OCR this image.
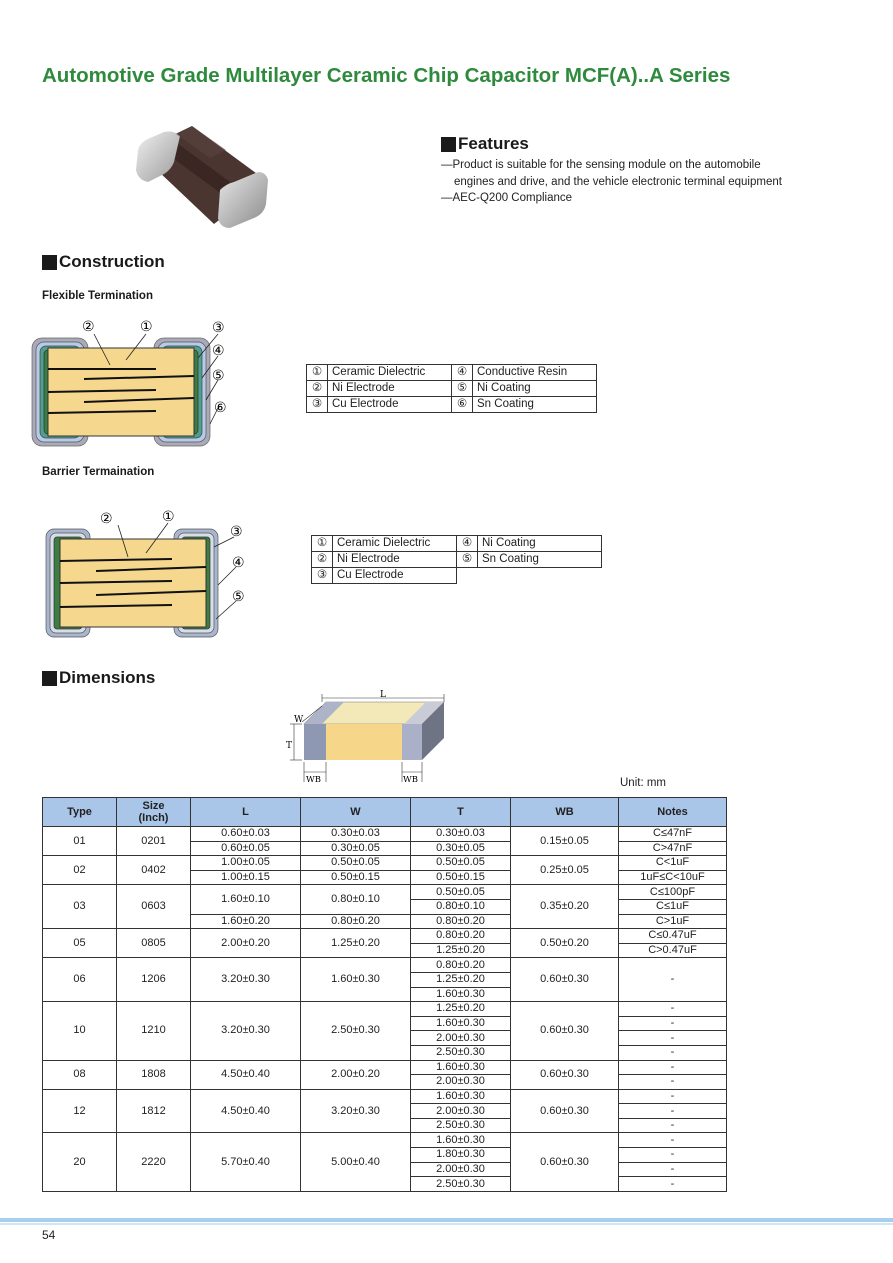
Automotive Grade Multilayer Ceramic Chip Capacitor MCF(A)..A Series
Features
—Product is suitable for the sensing module on the automobile
engines and drive, and the vehicle electronic terminal equipment
—AEC-Q200 Compliance
Construction
Flexible Termination
②	①	③
④
⑤
⑥
①	Ceramic Dielectric	④	Conductive Resin
②	Ni Electrode	⑤	Ni Coating
③	Cu Electrode	⑥	Sn Coating
Barrier Termaination
②	①
③
④
⑤
①	Ceramic Dielectric	④	Ni Coating
②	Ni Electrode	⑤	Sn Coating
③	Cu Electrode		
Dimensions
L
W
T
WB	WB	Unit: mm
Type	Size
(Inch)	L	W	T	WB	Notes
01	0201	0.60±0.03	0.30±0.03	0.30±0.03	0.15±0.05	C≤47nF
		0.60±0.05	0.30±0.05	0.30±0.05		C>47nF
02	0402	1.00±0.05	0.50±0.05	0.50±0.05	0.25±0.05	C<1uF
		1.00±0.15	0.50±0.15	0.50±0.15		1uF≤C<10uF
03	0603	1.60±0.10	0.80±0.10	0.50±0.05	0.35±0.20	C≤100pF
				0.80±0.10		C≤1uF
		1.60±0.20	0.80±0.20	0.80±0.20		C>1uF
05	0805	2.00±0.20	1.25±0.20	0.80±0.20	0.50±0.20	C≤0.47uF
				1.25±0.20		C>0.47uF
06	1206	3.20±0.30	1.60±0.30	0.80±0.20	0.60±0.30	-
				1.25±0.20		
				1.60±0.30		
10	1210	3.20±0.30	2.50±0.30	1.25±0.20	0.60±0.30	-
				1.60±0.30		-
				2.00±0.30		-
				2.50±0.30		-
08	1808	4.50±0.40	2.00±0.20	1.60±0.30	0.60±0.30	-
				2.00±0.30		-
12	1812	4.50±0.40	3.20±0.30	1.60±0.30	0.60±0.30	-
				2.00±0.30		-
				2.50±0.30		-
20	2220	5.70±0.40	5.00±0.40	1.60±0.30	0.60±0.30	-
				1.80±0.30		-
				2.00±0.30		-
				2.50±0.30		-
54
